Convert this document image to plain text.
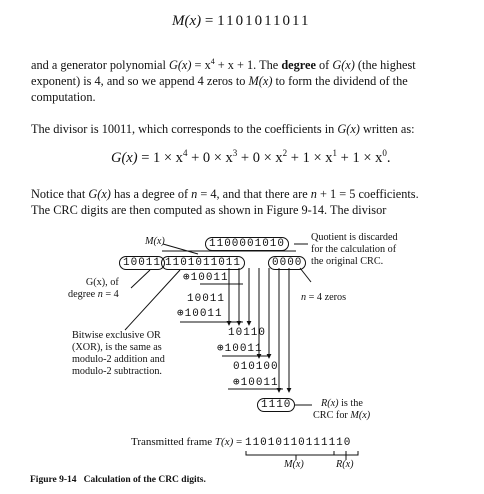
M(x) = 1101011011
and a generator polynomial $G(x) = x^4 + x + 1$. The degree of G(x) (the highest
exponent) is 4, and so we append 4 zeros to M(x) to form the dividend of the
computation.
The divisor is 10011, which corresponds to the coefficients in G(x) written as:
$G(x) = 1 \times x^4 + 0 \times x^3 + 0 \times x^2 + 1 \times x^1 + 1 \times x^0$.
Notice that G(x) has a degree of n = 4, and that there are n + 1 = 5 coefficients.
The CRC digits are then computed as shown in Figure 9-14. The divisor
M(x)	1100001010
Quotient is discarded
for the calculation of
the original CRC.
10011 1101011011	0000
G(x), of
degree n = 4	n = 4 zeros
⊕10011
10011
⊕10011
10110
⊕10011
010100
⊕10011
1110
Bitwise exclusive OR
(XOR), is the same as
modulo-2 addition and
modulo-2 subtraction.
R(x) is the
CRC for M(x)
Transmitted frame T(x) = 11010110111110
M(x)	R(x)
Figure 9-14 Calculation of the CRC digits.
